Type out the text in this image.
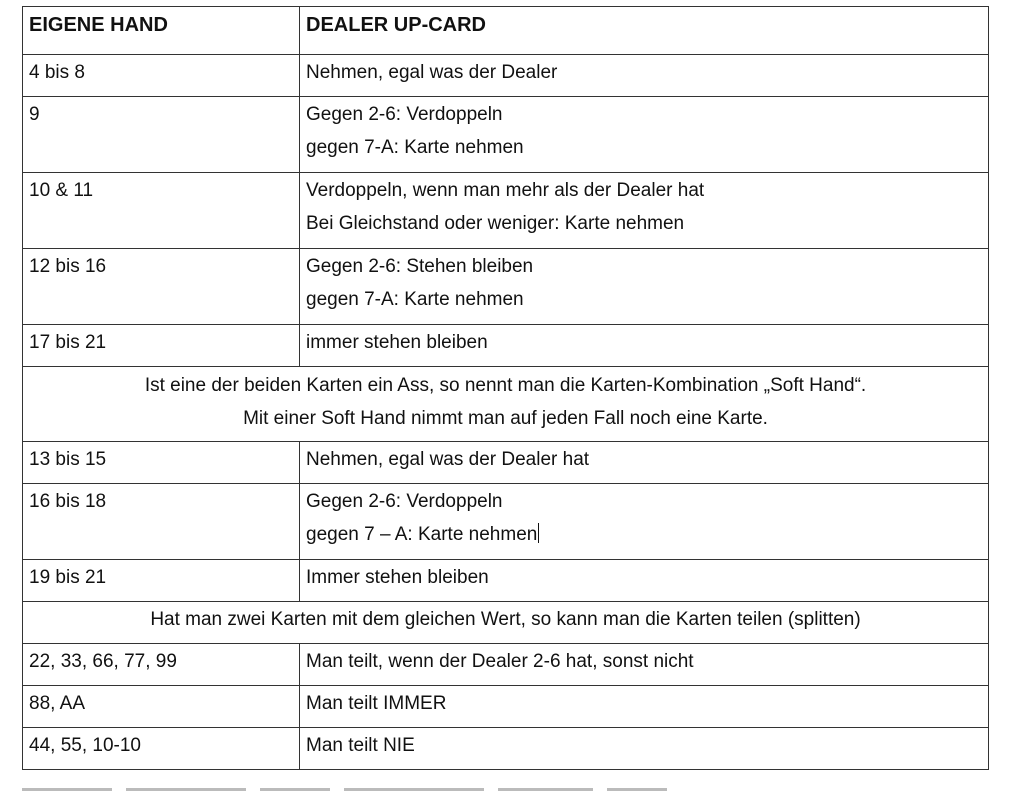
EIGENE HAND	DEALER UP-CARD
4 bis 8	Nehmen, egal was der Dealer

9	Gegen 2-6: Verdoppeln
gegen 7-A: Karte nehmen

10 & 11	Verdoppeln, wenn man mehr als der Dealer hat
Bei Gleichstand oder weniger: Karte nehmen

12 bis 16	Gegen 2-6: Stehen bleiben
gegen 7-A: Karte nehmen

17 bis 21	immer stehen bleiben

Ist eine der beiden Karten ein Ass, so nennt man die Karten-Kombination „Soft Hand“.
Mit einer Soft Hand nimmt man auf jeden Fall noch eine Karte.	

13 bis 15	Nehmen, egal was der Dealer hat

16 bis 18	Gegen 2-6: Verdoppeln
gegen 7 – A: Karte nehmen

19 bis 21	Immer stehen bleiben

Hat man zwei Karten mit dem gleichen Wert, so kann man die Karten teilen (splitten)	
22, 33, 66, 77, 99	Man teilt, wenn der Dealer 2-6 hat, sonst nicht

88, AA	Man teilt IMMER

44, 55, 10-10	Man teilt NIE
